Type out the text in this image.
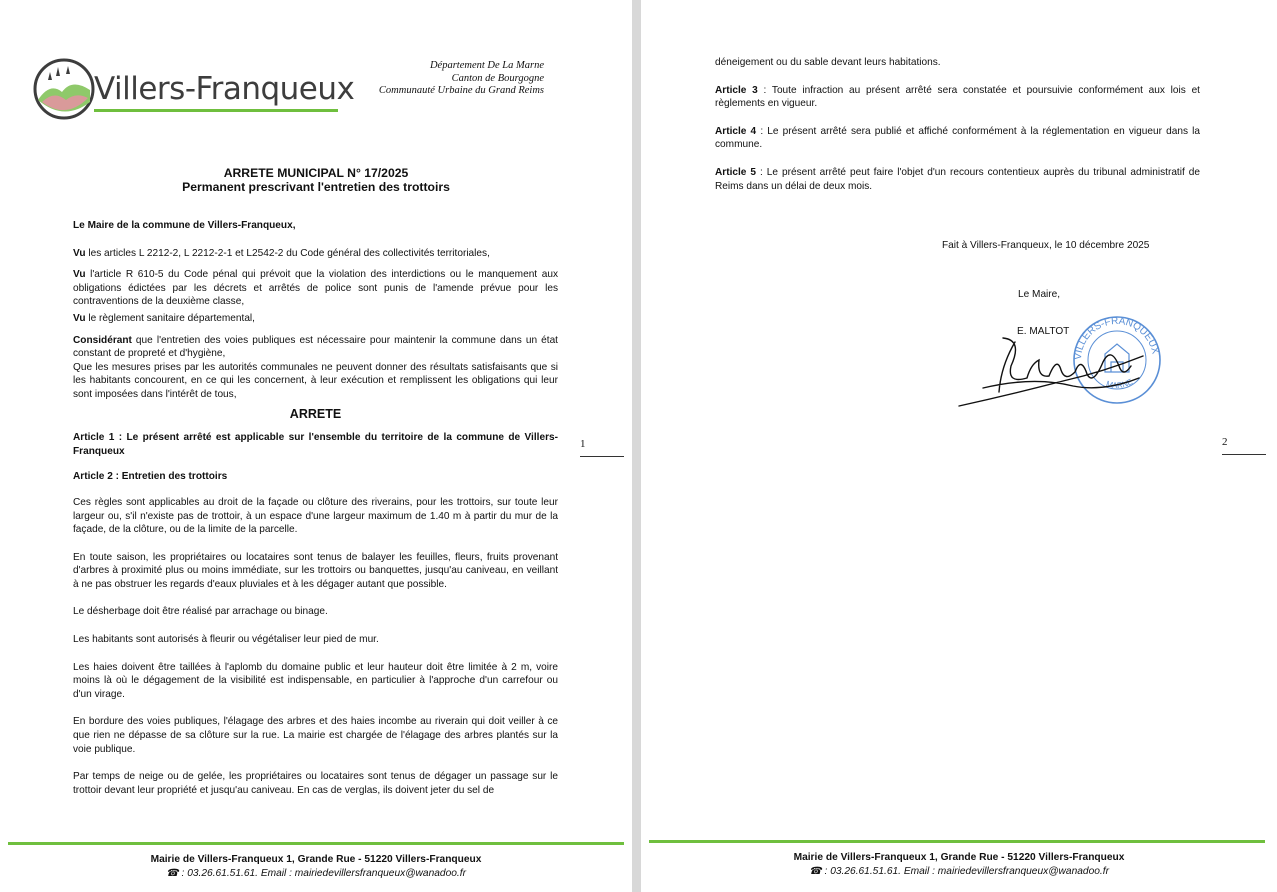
Villers-Franqueux
Département De La Marne
Canton de Bourgogne
Communauté Urbaine du Grand Reims
ARRETE MUNICIPAL N° 17/2025
Permanent prescrivant l'entretien des trottoirs

Le Maire de la commune de Villers-Franqueux,

Vu les articles L 2212-2, L 2212-2-1 et L2542-2 du Code général des collectivités territoriales,

Vu l'article R 610-5 du Code pénal qui prévoit que la violation des interdictions ou le manquement aux obligations édictées par les décrets et arrêtés de police sont punis de l'amende prévue pour les contraventions de la deuxième classe,

Vu le règlement sanitaire départemental,

Considérant que l'entretien des voies publiques est nécessaire pour maintenir la commune dans un état constant de propreté et d'hygiène,

Que les mesures prises par les autorités communales ne peuvent donner des résultats satisfaisants que si les habitants concourent, en ce qui les concernent, à leur exécution et remplissent les obligations qui leur sont imposées dans l'intérêt de tous,

ARRETE

Article 1 : Le présent arrêté est applicable sur l'ensemble du territoire de la commune de Villers-Franqueux

Article 2 : Entretien des trottoirs

Ces règles sont applicables au droit de la façade ou clôture des riverains, pour les trottoirs, sur toute leur largeur ou, s'il n'existe pas de trottoir, à un espace d'une largeur maximum de 1.40 m à partir du mur de la façade, de la clôture, ou de la limite de la parcelle.

En toute saison, les propriétaires ou locataires sont tenus de balayer les feuilles, fleurs, fruits provenant d'arbres à proximité plus ou moins immédiate, sur les trottoirs ou banquettes, jusqu'au caniveau, en veillant à ne pas obstruer les regards d'eaux pluviales et à les dégager autant que possible.

Le désherbage doit être réalisé par arrachage ou binage.

Les habitants sont autorisés à fleurir ou végétaliser leur pied de mur.

Les haies doivent être taillées à l'aplomb du domaine public et leur hauteur doit être limitée à 2 m, voire moins là où le dégagement de la visibilité est indispensable, en particulier à l'approche d'un carrefour ou d'un virage.

En bordure des voies publiques, l'élagage des arbres et des haies incombe au riverain qui doit veiller à ce que rien ne dépasse de sa clôture sur la rue. La mairie est chargée de l'élagage des arbres plantés sur la voie publique.

Par temps de neige ou de gelée, les propriétaires ou locataires sont tenus de dégager un passage sur le trottoir devant leur propriété et jusqu'au caniveau. En cas de verglas, ils doivent jeter du sel de

1
Mairie de Villers-Franqueux 1, Grande Rue - 51220 Villers-Franqueux
☎ : 03.26.61.51.61. Email : mairiedevillersfranqueux@wanadoo.fr

déneigement ou du sable devant leurs habitations.

Article 3 : Toute infraction au présent arrêté sera constatée et poursuivie conformément aux lois et règlements en vigueur.

Article 4 : Le présent arrêté sera publié et affiché conformément à la réglementation en vigueur dans la commune.

Article 5 : Le présent arrêté peut faire l'objet d'un recours contentieux auprès du tribunal administratif de Reims dans un délai de deux mois.

Fait à Villers-Franqueux, le 10 décembre 2025
Le Maire,
E. MALTOT
VILLERS-FRANQUEUX
MARNE
2
Mairie de Villers-Franqueux 1, Grande Rue - 51220 Villers-Franqueux
☎ : 03.26.61.51.61. Email : mairiedevillersfranqueux@wanadoo.fr
